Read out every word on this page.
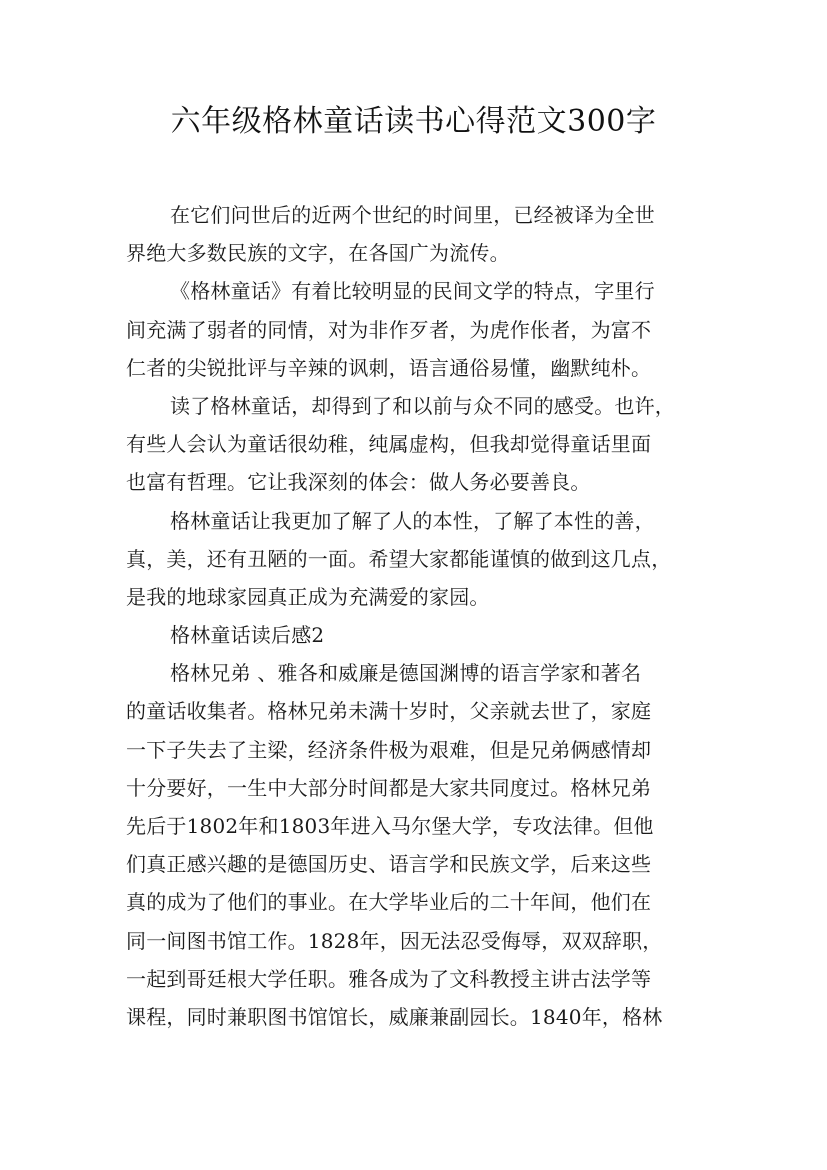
六年级格林童话读书心得范文300字
在它们问世后的近两个世纪的时间里，已经被译为全世
界绝大多数民族的文字，在各国广为流传。
《格林童话》有着比较明显的民间文学的特点，字里行
间充满了弱者的同情，对为非作歹者，为虎作伥者，为富不
仁者的尖锐批评与辛辣的讽刺，语言通俗易懂，幽默纯朴。
读了格林童话，却得到了和以前与众不同的感受。也许，
有些人会认为童话很幼稚，纯属虚构，但我却觉得童话里面
也富有哲理。它让我深刻的体会：做人务必要善良。
格林童话让我更加了解了人的本性，了解了本性的善，
真，美，还有丑陋的一面。希望大家都能谨慎的做到这几点，
是我的地球家园真正成为充满爱的家园。
格林童话读后感2
格林兄弟 、雅各和威廉是德国渊博的语言学家和著名
的童话收集者。格林兄弟未满十岁时，父亲就去世了，家庭
一下子失去了主梁，经济条件极为艰难，但是兄弟俩感情却
十分要好，一生中大部分时间都是大家共同度过。格林兄弟
先后于1802年和1803年进入马尔堡大学，专攻法律。但他
们真正感兴趣的是德国历史、语言学和民族文学，后来这些
真的成为了他们的事业。在大学毕业后的二十年间，他们在
同一间图书馆工作。1828年，因无法忍受侮辱，双双辞职，
一起到哥廷根大学任职。雅各成为了文科教授主讲古法学等
课程，同时兼职图书馆馆长，威廉兼副园长。1840年，格林
